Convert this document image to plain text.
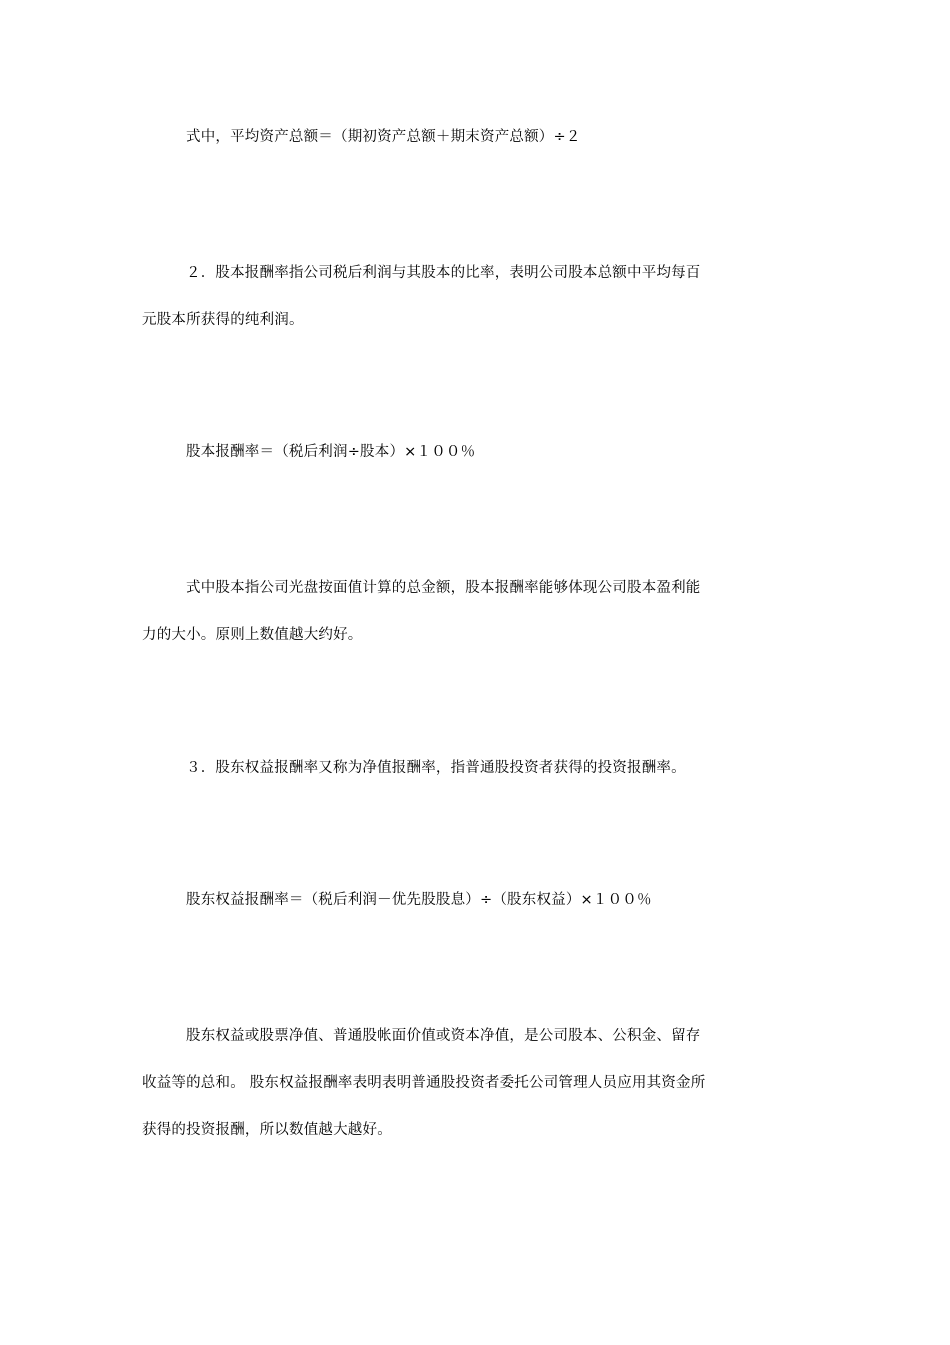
式中，平均资产总额＝（期初资产总额＋期末资产总额）÷２
２．股本报酬率指公司税后利润与其股本的比率，表明公司股本总额中平均每百
元股本所获得的纯利润。
股本报酬率＝（税后利润÷股本）×１００％
式中股本指公司光盘按面值计算的总金额，股本报酬率能够体现公司股本盈利能
力的大小。原则上数值越大约好。
３．股东权益报酬率又称为净值报酬率，指普通股投资者获得的投资报酬率。
股东权益报酬率＝（税后利润－优先股股息）÷（股东权益）×１００％
股东权益或股票净值、普通股帐面价值或资本净值，是公司股本、公积金、留存
收益等的总和。 股东权益报酬率表明表明普通股投资者委托公司管理人员应用其资金所
获得的投资报酬，所以数值越大越好。
